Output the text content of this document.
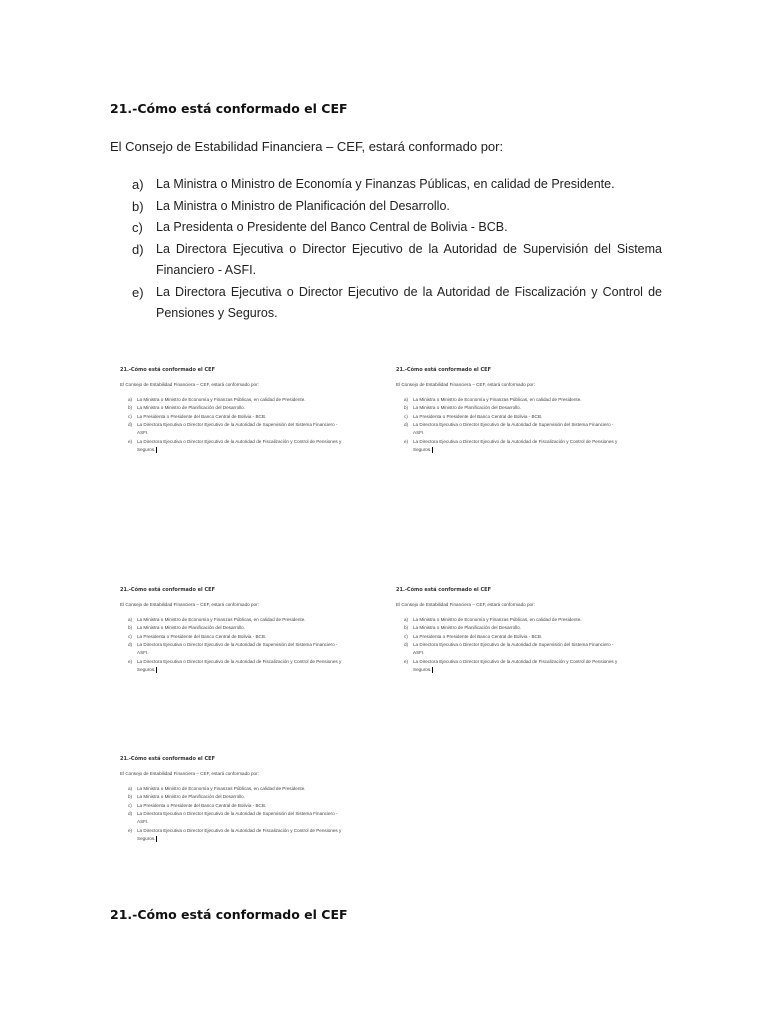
21.-Cómo está conformado el CEF
El Consejo de Estabilidad Financiera – CEF, estará conformado por:
a) La Ministra o Ministro de Economía y Finanzas Públicas, en calidad de Presidente.
b) La Ministra o Ministro de Planificación del Desarrollo.
c) La Presidenta o Presidente del Banco Central de Bolivia - BCB.
d) La Directora Ejecutiva o Director Ejecutivo de la Autoridad de Supervisión del Sistema Financiero - ASFI.
e) La Directora Ejecutiva o Director Ejecutivo de la Autoridad de Fiscalización y Control de Pensiones y Seguros.
21.-Cómo está conformado el CEF
El Consejo de Estabilidad Financiera – CEF, estará conformado por:
a) La Ministra o Ministro de Economía y Finanzas Públicas, en calidad de Presidente.
b) La Ministra o Ministro de Planificación del Desarrollo.
c) La Presidenta o Presidente del Banco Central de Bolivia - BCB.
d) La Directora Ejecutiva o Director Ejecutivo de la Autoridad de Supervisión del Sistema Financiero - ASFI.
e) La Directora Ejecutiva o Director Ejecutivo de la Autoridad de Fiscalización y Control de Pensiones y Seguros.
21.-Cómo está conformado el CEF
El Consejo de Estabilidad Financiera – CEF, estará conformado por:
a) La Ministra o Ministro de Economía y Finanzas Públicas, en calidad de Presidente.
b) La Ministra o Ministro de Planificación del Desarrollo.
c) La Presidenta o Presidente del Banco Central de Bolivia - BCB.
d) La Directora Ejecutiva o Director Ejecutivo de la Autoridad de Supervisión del Sistema Financiero - ASFI.
e) La Directora Ejecutiva o Director Ejecutivo de la Autoridad de Fiscalización y Control de Pensiones y Seguros.
21.-Cómo está conformado el CEF
El Consejo de Estabilidad Financiera – CEF, estará conformado por:
a) La Ministra o Ministro de Economía y Finanzas Públicas, en calidad de Presidente.
b) La Ministra o Ministro de Planificación del Desarrollo.
c) La Presidenta o Presidente del Banco Central de Bolivia - BCB.
d) La Directora Ejecutiva o Director Ejecutivo de la Autoridad de Supervisión del Sistema Financiero - ASFI.
e) La Directora Ejecutiva o Director Ejecutivo de la Autoridad de Fiscalización y Control de Pensiones y Seguros.
21.-Cómo está conformado el CEF
El Consejo de Estabilidad Financiera – CEF, estará conformado por:
a) La Ministra o Ministro de Economía y Finanzas Públicas, en calidad de Presidente.
b) La Ministra o Ministro de Planificación del Desarrollo.
c) La Presidenta o Presidente del Banco Central de Bolivia - BCB.
d) La Directora Ejecutiva o Director Ejecutivo de la Autoridad de Supervisión del Sistema Financiero - ASFI.
e) La Directora Ejecutiva o Director Ejecutivo de la Autoridad de Fiscalización y Control de Pensiones y Seguros.
21.-Cómo está conformado el CEF
El Consejo de Estabilidad Financiera – CEF, estará conformado por:
a) La Ministra o Ministro de Economía y Finanzas Públicas, en calidad de Presidente.
b) La Ministra o Ministro de Planificación del Desarrollo.
c) La Presidenta o Presidente del Banco Central de Bolivia - BCB.
d) La Directora Ejecutiva o Director Ejecutivo de la Autoridad de Supervisión del Sistema Financiero - ASFI.
e) La Directora Ejecutiva o Director Ejecutivo de la Autoridad de Fiscalización y Control de Pensiones y Seguros.
21.-Cómo está conformado el CEF
